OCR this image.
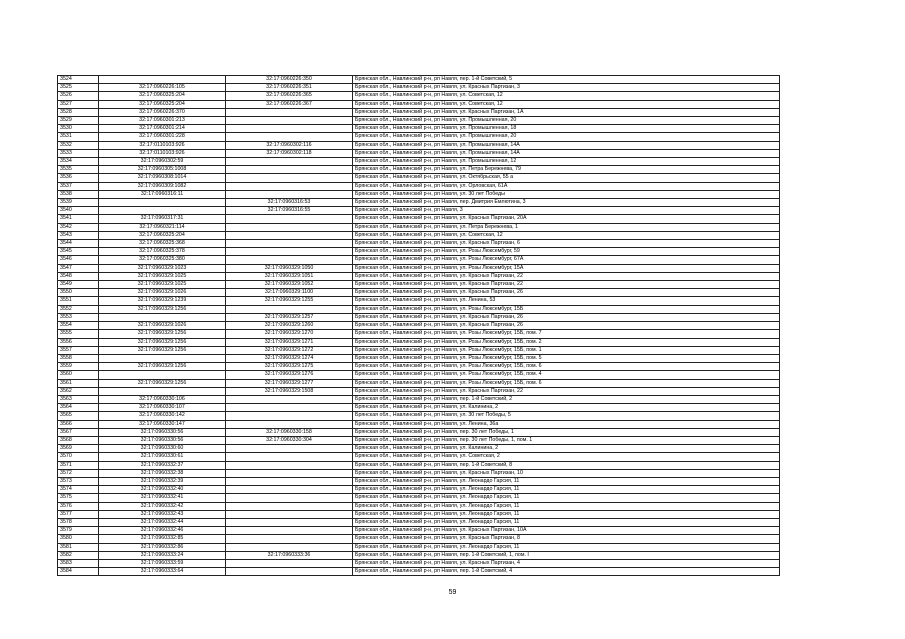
3524		32:17:0960226:350	Брянская обл., Навлинский р-н, рп Навля, пер. 1-й Советский, 5
3525	32:17:0960226:105	32:17:0960226:351	Брянская обл., Навлинский р-н, рп Навля, ул. Красных Партизан, 3
3526	32:17:0960325:204	32:17:0960226:365	Брянская обл., Навлинский р-н, рп Навля, ул. Советская, 12
3527	32:17:0960325:204	32:17:0960226:367	Брянская обл., Навлинский р-н, рп Навля, ул. Советская, 12
3528	32:17:0960226:370		Брянская обл., Навлинский р-н, рп Навля, ул. Красных Партизан, 1А
3529	32:17:0960301:213		Брянская обл., Навлинский р-н, рп Навля, ул. Промышленная, 20
3530	32:17:0960301:214		Брянская обл., Навлинский р-н, рп Навля, ул. Промышленная, 18
3531	32:17:0960301:228		Брянская обл., Навлинский р-н, рп Навля, ул. Промышленная, 20
3532	32:17:0110103:926	32:17:0960302:116	Брянская обл., Навлинский р-н, рп Навля, ул. Промышленная, 14А
3533	32:17:0110103:926	32:17:0960302:118	Брянская обл., Навлинский р-н, рп Навля, ул. Промышленная, 14А
3534	32:17:0960302:59		Брянская обл., Навлинский р-н, рп Навля, ул. Промышленная, 12
3535	32:17:0960305:1008		Брянская обл., Навлинский р-н, рп Навля, ул. Петра Бережнева, 79
3536	32:17:0960308:1014		Брянская обл., Навлинский р-н, рп Навля, ул. Октябрьская, 55 а
3537	32:17:0960309:1082		Брянская обл., Навлинский р-н, рп Навля, ул. Орловская, 61А
3538	32:17:0960316:11		Брянская обл., Навлинский р-н, рп Навля, ул. 30 лет Победы
3539		32:17:0960316:53	Брянская обл., Навлинский р-н, рп Навля, пер. Дмитрия Емлютина, 3
3540		32:17:0960316:55	Брянская обл., Навлинский р-н, рп Навля, 3
3541	32:17:0960317:31		Брянская обл., Навлинский р-н, рп Навля, ул. Красных Партизан, 20А
3542	32:17:0960321:114		Брянская обл., Навлинский р-н, рп Навля, ул. Петра Бережнева, 1
3543	32:17:0960325:204		Брянская обл., Навлинский р-н, рп Навля, ул. Советская, 12
3544	32:17:0960325:368		Брянская обл., Навлинский р-н, рп Навля, ул. Красных Партизан, 6
3545	32:17:0960325:378		Брянская обл., Навлинский р-н, рп Навля, ул. Розы Люксембург, 59
3546	32:17:0960325:380		Брянская обл., Навлинский р-н, рп Навля, ул. Розы Люксембург, 67А
3547	32:17:0960329:1023	32:17:0960329:1050	Брянская обл., Навлинский р-н, рп Навля, ул. Розы Люксембург, 15А
3548	32:17:0960329:1025	32:17:0960329:1051	Брянская обл., Навлинский р-н, рп Навля, ул. Красных Партизан, 22
3549	32:17:0960329:1025	32:17:0960329:1052	Брянская обл., Навлинский р-н, рп Навля, ул. Красных Партизан, 22
3550	32:17:0960329:1026	32:17:0960329:1100	Брянская обл., Навлинский р-н, рп Навля, ул. Красных Партизан, 26
3551	32:17:0960329:1239	32:17:0960329:1255	Брянская обл., Навлинский р-н, рп Навля, ул. Ленина, 53
3552	32:17:0960329:1256		Брянская обл., Навлинский р-н, рп Навля, ул. Розы Люксембург, 15Б
3553		32:17:0960329:1257	Брянская обл., Навлинский р-н, рп Навля, ул. Красных Партизан, 26
3554	32:17:0960329:1026	32:17:0960329:1260	Брянская обл., Навлинский р-н, рп Навля, ул. Красных Партизан, 26
3555	32:17:0960329:1256	32:17:0960329:1270	Брянская обл., Навлинский р-н, рп Навля, ул. Розы Люксембург, 15Б, пом. 7
3556	32:17:0960329:1256	32:17:0960329:1271	Брянская обл., Навлинский р-н, рп Навля, ул. Розы Люксембург, 15Б, пом. 2
3557	32:17:0960329:1256	32:17:0960329:1272	Брянская обл., Навлинский р-н, рп Навля, ул. Розы Люксембург, 15Б, пом. 1
3558		32:17:0960329:1274	Брянская обл., Навлинский р-н, рп Навля, ул. Розы Люксембург, 15Б, пом. 5
3559	32:17:0960329:1256	32:17:0960329:1275	Брянская обл., Навлинский р-н, рп Навля, ул. Розы Люксембург, 15Б, пом. 6
3560		32:17:0960329:1276	Брянская обл., Навлинский р-н, рп Навля, ул. Розы Люксембург, 15Б, пом. 4
3561	32:17:0960329:1256	32:17:0960329:1277	Брянская обл., Навлинский р-н, рп Навля, ул. Розы Люксембург, 15Б, пом. 6
3562		32:17:0960329:1508	Брянская обл., Навлинский р-н, рп Навля, ул. Красных Партизан, 22
3563	32:17:0960330:106		Брянская обл., Навлинский р-н, рп Навля, пер. 1-й Советский, 2
3564	32:17:0960330:107		Брянская обл., Навлинский р-н, рп Навля, ул. Калинина, 2
3565	32:17:0960330:142		Брянская обл., Навлинский р-н, рп Навля, ул. 30 лет Победы, 5
3566	32:17:0960330:147		Брянская обл., Навлинский р-н, рп Навля, ул. Ленина, 36а
3567	32:17:0960330:56	32:17:0960330:158	Брянская обл., Навлинский р-н, рп Навля, пер. 30 лет Победы, 1
3568	32:17:0960330:56	32:17:0960330:304	Брянская обл., Навлинский р-н, рп Навля, пер. 30 лет Победы, 1, пом. 1
3569	32:17:0960330:60		Брянская обл., Навлинский р-н, рп Навля, ул. Калинина, 2
3570	32:17:0960330:61		Брянская обл., Навлинский р-н, рп Навля, ул. Советская, 2
3571	32:17:0960332:37		Брянская обл., Навлинский р-н, рп Навля, пер. 1-й Советский, 8
3572	32:17:0960332:38		Брянская обл., Навлинский р-н, рп Навля, ул. Красных Партизан, 10
3573	32:17:0960332:39		Брянская обл., Навлинский р-н, рп Навля, ул. Леонардо Гарсия, 11
3574	32:17:0960332:40		Брянская обл., Навлинский р-н, рп Навля, ул. Леонардо Гарсия, 11
3575	32:17:0960332:41		Брянская обл., Навлинский р-н, рп Навля, ул. Леонардо Гарсия, 11
3576	32:17:0960332:42		Брянская обл., Навлинский р-н, рп Навля, ул. Леонардо Гарсия, 11
3577	32:17:0960332:43		Брянская обл., Навлинский р-н, рп Навля, ул. Леонардо Гарсия, 11
3578	32:17:0960332:44		Брянская обл., Навлинский р-н, рп Навля, ул. Леонардо Гарсия, 11
3579	32:17:0960332:46		Брянская обл., Навлинский р-н, рп Навля, ул. Красных Партизан, 10А
3580	32:17:0960332:85		Брянская обл., Навлинский р-н, рп Навля, ул. Красных Партизан, 8
3581	32:17:0960332:86		Брянская обл., Навлинский р-н, рп Навля, ул. Леонардо Гарсия, 11
3582	32:17:0960333:24	32:17:0960333:36	Брянская обл., Навлинский р-н, рп Навля, пер. 1-й Советский, 1, пом. I
3583	32:17:0960333:59		Брянская обл., Навлинский р-н, рп Навля, ул. Красных Партизан, 4
3584	32:17:0960333:64		Брянская обл., Навлинский р-н, рп Навля, пер. 1-й Советский, 4
59
